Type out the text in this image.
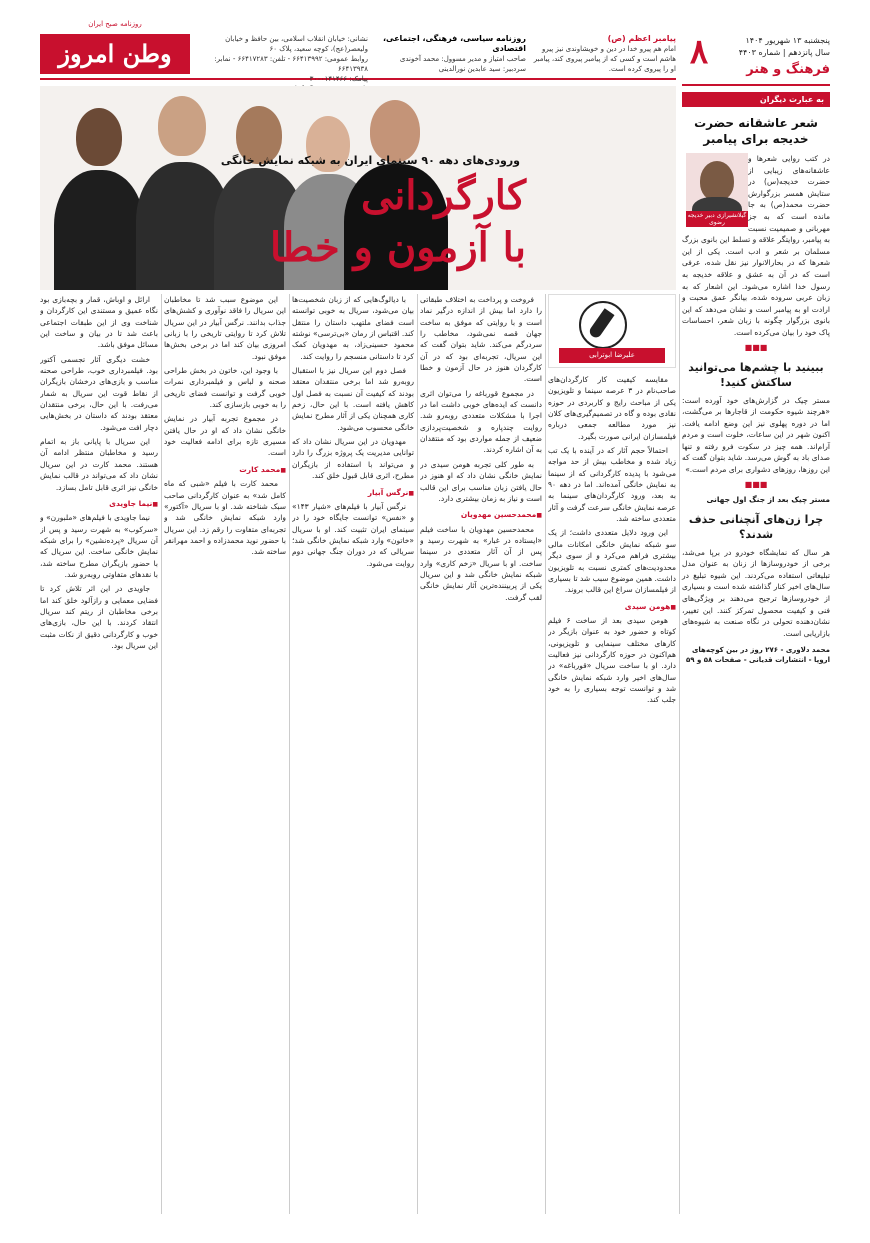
روزنامه صبح ایران
وطن امروز	نشانی: خیابان انقلاب اسلامی، بین حافظ و خیابان ولیعصر(عج)، کوچه سعید، پلاک ۶۰
روابط عمومی: ۶۶۴۱۳۹۹۲ - تلفن: ۶۶۴۱۷۲۸۳ - نمابر: ۶۶۴۱۳۹۳۸
پیامک: ۳۰۰۰۱۴۱۴۶۶
روزنامه سیاسی، فرهنگی، اجتماعی، اقتصادی
صاحب امتیاز و مدیر مسوول: محمد آخوندی
سردبیر: سید عابدین نورالدینی
پیامبر اعظم (ص)
امام هم پیرو خدا در دین و خویشاوندی نیز پیرو هاشم است و کسی که از پیامبر پیروی کند، پیامبر او را پیروی کرده است. ۸	پنجشنبه ۱۳ شهریور ۱۴۰۴
سال پانزدهم | شماره ۴۴۰۳
فرهنگ و هنر
به عبارت دیگران
شعر عاشقانه حضرت خدیجه برای پیامبر
گیلانشیرازی دبیر خدیجه رضوی
در کتب روایی شعرها و عاشقانه‌های زیبایی از حضرت خدیجه(س) در ستایش همسر بزرگوارش حضرت محمد(ص) به جا مانده است که به جز مهربانی و صمیمیت نسبت به پیامبر، روایتگر علاقه و تسلط این بانوی بزرگ مسلمان بر شعر و ادب است. یکی از این شعرها که در بحارالانوار نیز نقل شده، عرفی است که در آن به عشق و علاقه خدیجه به رسول خدا اشاره می‌شود. این اشعار که به زبان عربی سروده شده، بیانگر عمق محبت و ارادت او به پیامبر است و نشان می‌دهد که این بانوی بزرگوار چگونه با زبان شعر، احساسات پاک خود را بیان می‌کرده است.
■■■
ببینید با چشم‌ها می‌توانید ساکتش کنید!
مستر چیک در گزارش‌های خود آورده است: «هرچند شیوه حکومت از قاجارها بر می‌گشت، اما در دوره پهلوی نیز این وضع ادامه یافت. اکنون شهر در این ساعات، خلوت است و مردم آرام‌اند. همه چیز در سکوت فرو رفته و تنها صدای باد به گوش می‌رسد. شاید بتوان گفت که این روزها، روزهای دشواری برای مردم است.»
■■■
مستر چیک بعد از جنگ اول جهانی
چرا زن‌های آنچنانی حذف شدند؟
هر سال که نمایشگاه خودرو در برپا می‌شد، برخی از خودروسازها از زنان به عنوان مدل تبلیغاتی استفاده می‌کردند. این شیوه تبلیغ در سال‌های اخیر کنار گذاشته شده است و بسیاری از خودروسازها ترجیح می‌دهند بر ویژگی‌های فنی و کیفیت محصول تمرکز کنند. این تغییر، نشان‌دهنده تحولی در نگاه صنعت به شیوه‌های بازاریابی است.
محمد دلاوری - ۲۷۶ روز در بین کوچه‌های اروپا - انتشارات قدیانی - صفحات ۵۸ و ۵۹
ورودی‌های دهه ۹۰ سینمای ایران به شبکه نمایش خانگی
کارگردانی
با آزمون و خطا
علیرضا ابوترابی

مقایسه کیفیت کار کارگردان‌های صاحب‌نام در ۳ عرصه سینما و تلویزیون یکی از مباحث رایج و کاربردی در حوزه نقادی بوده و گاه در تصمیم‌گیری‌های کلان نیز مورد مطالعه جمعی درباره فیلمسازان ایرانی صورت بگیرد.

احتمالاً حجم آثار که در آینده با یک تب زیاد شده و مخاطب بیش از حد مواجه می‌شود با پدیده کارگردانی که از سینما به نمایش خانگی آمده‌اند. اما در دهه ۹۰ به بعد، ورود کارگردان‌های سینما به عرصه نمایش خانگی سرعت گرفت و آثار متعددی ساخته شد.

این ورود دلایل متعددی داشت؛ از یک سو شبکه نمایش خانگی امکانات مالی بیشتری فراهم می‌کرد و از سوی دیگر محدودیت‌های کمتری نسبت به تلویزیون داشت. همین موضوع سبب شد تا بسیاری از فیلمسازان سراغ این قالب بروند.

■ هومن سیدی

هومن سیدی بعد از ساخت ۶ فیلم کوتاه و حضور خود به عنوان بازیگر در کارهای مختلف سینمایی و تلویزیونی، هم‌اکنون در حوزه کارگردانی نیز فعالیت دارد. او با ساخت سریال «قورباغه» در سال‌های اخیر وارد شبکه نمایش خانگی شد و توانست توجه بسیاری را به خود جلب کند.

فروخت و پرداخت به اختلاف طبقاتی را دارد اما بیش از اندازه درگیر نماد است و با روایتی که موفق به ساخت جهان قصه نمی‌شود، مخاطب را سردرگم می‌کند. شاید بتوان گفت که این سریال، تجربه‌ای بود که در آن کارگردان هنوز در حال آزمون و خطا است.

در مجموع قورباغه را می‌توان اثری دانست که ایده‌های خوبی داشت اما در اجرا با مشکلات متعددی روبه‌رو شد. روایت چندپاره و شخصیت‌پردازی ضعیف از جمله مواردی بود که منتقدان به آن اشاره کردند.

به طور کلی تجربه هومن سیدی در نمایش خانگی نشان داد که او هنوز در حال یافتن زبان مناسب برای این قالب است و نیاز به زمان بیشتری دارد.

■ محمدحسین مهدویان

محمدحسین مهدویان با ساخت فیلم «ایستاده در غبار» به شهرت رسید و پس از آن آثار متعددی در سینما ساخت. او با سریال «زخم کاری» وارد شبکه نمایش خانگی شد و این سریال یکی از پربیننده‌ترین آثار نمایش خانگی لقب گرفت.

با دیالوگ‌هایی که از زبان شخصیت‌ها بیان می‌شود، سریال به خوبی توانسته است فضای ملتهب داستان را منتقل کند. اقتباس از رمان «بی‌ترسی» نوشته محمود حسینی‌زاد، به مهدویان کمک کرد تا داستانی منسجم را روایت کند.

فصل دوم این سریال نیز با استقبال روبه‌رو شد اما برخی منتقدان معتقد بودند که کیفیت آن نسبت به فصل اول کاهش یافته است. با این حال، زخم کاری همچنان یکی از آثار مطرح نمایش خانگی محسوب می‌شود.

مهدویان در این سریال نشان داد که توانایی مدیریت یک پروژه بزرگ را دارد و می‌تواند با استفاده از بازیگران مطرح، اثری قابل قبول خلق کند.

■ نرگس آبیار

نرگس آبیار با فیلم‌های «شیار ۱۴۳» و «نفس» توانست جایگاه خود را در سینمای ایران تثبیت کند. او با سریال «خاتون» وارد شبکه نمایش خانگی شد؛ سریالی که در دوران جنگ جهانی دوم روایت می‌شود.

این موضوع سبب شد تا مخاطبان این سریال را فاقد نوآوری و کشش‌های جذاب بدانند. نرگس آبیار در این سریال تلاش کرد تا روایتی تاریخی را با زبانی امروزی بیان کند اما در برخی بخش‌ها موفق نبود.

با وجود این، خاتون در بخش طراحی صحنه و لباس و فیلمبرداری نمرات خوبی گرفت و توانست فضای تاریخی را به خوبی بازسازی کند.

در مجموع تجربه آبیار در نمایش خانگی نشان داد که او در حال یافتن مسیری تازه برای ادامه فعالیت خود است.

■ محمد کارت

محمد کارت با فیلم «شبی که ماه کامل شد» به عنوان کارگردانی صاحب سبک شناخته شد. او با سریال «آکتور» وارد شبکه نمایش خانگی شد و تجربه‌ای متفاوت را رقم زد. این سریال با حضور نوید محمدزاده و احمد مهرانفر ساخته شد.

ارائل و اوباش، قمار و بچه‌بازی بود نگاه عمیق و مستندی این کارگردان و شناخت وی از این طبقات اجتماعی باعث شد تا در بیان و ساخت این مسائل موفق باشد.

خشت دیگری آثار تجسمی آکتور بود. فیلمبرداری خوب، طراحی صحنه مناسب و بازی‌های درخشان بازیگران از نقاط قوت این سریال به شمار می‌رفت. با این حال، برخی منتقدان معتقد بودند که داستان در بخش‌هایی دچار افت می‌شود.

این سریال با پایانی باز به اتمام رسید و مخاطبان منتظر ادامه آن هستند. محمد کارت در این سریال نشان داد که می‌تواند در قالب نمایش خانگی نیز اثری قابل تامل بسازد.

■ نیما جاویدی

نیما جاویدی با فیلم‌های «ملبورن» و «سرکوب» به شهرت رسید و پس از آن سریال «پرده‌نشین» را برای شبکه نمایش خانگی ساخت. این سریال که با حضور بازیگران مطرح ساخته شد، با نقدهای متفاوتی روبه‌رو شد.

جاویدی در این اثر تلاش کرد تا فضایی معمایی و رازآلود خلق کند اما برخی مخاطبان از ریتم کند سریال انتقاد کردند. با این حال، بازی‌های خوب و کارگردانی دقیق از نکات مثبت این سریال بود.
